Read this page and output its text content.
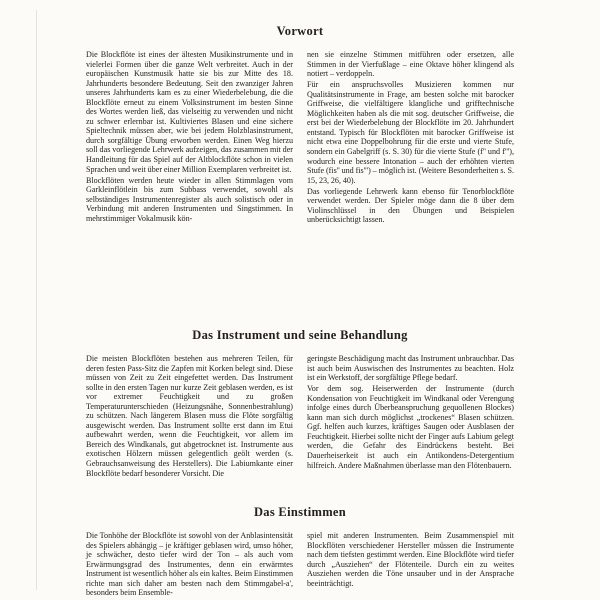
Vorwort

Die Blockflöte ist eines der ältesten Musikinstrumente und in vielerlei Formen über die ganze Welt verbreitet. Auch in der europäischen Kunstmusik hatte sie bis zur Mitte des 18. Jahrhunderts besondere Bedeutung. Seit den zwanziger Jahren unseres Jahrhunderts kam es zu einer Wiederbelebung, die die Blockflöte erneut zu einem Volksinstrument im besten Sinne des Wortes werden ließ, das vielseitig zu verwenden und nicht zu schwer erlernbar ist. Kultiviertes Blasen und eine sichere Spieltechnik müssen aber, wie bei jedem Holzblasinstrument, durch sorgfältige Übung erworben werden. Einen Weg hierzu soll das vorliegende Lehrwerk aufzeigen, das zusammen mit der Handleitung für das Spiel auf der Altblockflöte schon in vielen Sprachen und weit über einer Million Exemplaren verbreitet ist.

Blockflöten werden heute wieder in allen Stimmlagen vom Garkleinflötlein bis zum Subbass verwendet, sowohl als selbständiges Instrumentenregister als auch solistisch oder in Verbindung mit anderen Instrumenten und Singstimmen. In mehrstimmiger Vokalmusik kön-

nen sie einzelne Stimmen mitführen oder ersetzen, alle Stimmen in der Vierfußlage – eine Oktave höher klingend als notiert – verdoppeln.

Für ein anspruchsvolles Musizieren kommen nur Qualitätsinstrumente in Frage, am besten solche mit barocker Griffweise, die vielfältigere klangliche und grifftechnische Möglichkeiten haben als die mit sog. deutscher Griffweise, die erst bei der Wiederbelebung der Blockflöte im 20. Jahrhundert entstand. Typisch für Blockflöten mit barocker Griffweise ist nicht etwa eine Doppelbohrung für die erste und vierte Stufe, sondern ein Gabelgriff (s. S. 30) für die vierte Stufe (f'' und f'''), wodurch eine bessere Intonation – auch der erhöhten vierten Stufe (fis'' und fis''') – möglich ist. (Weitere Besonderheiten s. S. 15, 23, 26, 40).

Das vorliegende Lehrwerk kann ebenso für Tenorblockflöte verwendet werden. Der Spieler möge dann die 8 über dem Violinschlüssel in den Übungen und Beispielen unberücksichtigt lassen.

Das Instrument und seine Behandlung

Die meisten Blockflöten bestehen aus mehreren Teilen, für deren festen Pass-Sitz die Zapfen mit Korken belegt sind. Diese müssen von Zeit zu Zeit eingefettet werden. Das Instrument sollte in den ersten Tagen nur kurze Zeit geblasen werden, es ist vor extremer Feuchtigkeit und zu großen Temperaturunterschieden (Heizungsnähe, Sonnenbestrahlung) zu schützen. Nach längerem Blasen muss die Flöte sorgfältig ausgewischt werden. Das Instrument sollte erst dann im Etui aufbewahrt werden, wenn die Feuchtigkeit, vor allem im Bereich des Windkanals, gut abgetrocknet ist. Instrumente aus exotischen Hölzern müssen gelegentlich geölt werden (s. Gebrauchsanweisung des Herstellers). Die Labiumkante einer Blockflöte bedarf besonderer Vorsicht. Die

geringste Beschädigung macht das Instrument unbrauchbar. Das ist auch beim Auswischen des Instrumentes zu beachten. Holz ist ein Werkstoff, der sorgfältige Pflege bedarf.

Vor dem sog. Heiserwerden der Instrumente (durch Kondensation von Feuchtigkeit im Windkanal oder Verengung infolge eines durch Überbeanspruchung gequollenen Blockes) kann man sich durch möglichst „trockenes“ Blasen schützen. Ggf. helfen auch kurzes, kräftiges Saugen oder Ausblasen der Feuchtigkeit. Hierbei sollte nicht der Finger aufs Labium gelegt werden, die Gefahr des Eindrückens besteht. Bei Dauerheiserkeit ist auch ein Antikondens-Detergentium hilfreich. Andere Maßnahmen überlasse man den Flötenbauern.

Das Einstimmen

Die Tonhöhe der Blockflöte ist sowohl von der Anblasintensität des Spielers abhängig – je kräftiger geblasen wird, umso höher, je schwächer, desto tiefer wird der Ton – als auch vom Erwärmungsgrad des Instrumentes, denn ein erwärmtes Instrument ist wesentlich höher als ein kaltes. Beim Einstimmen richte man sich daher am besten nach dem Stimmgabel-a', besonders beim Ensemble-

spiel mit anderen Instrumenten. Beim Zusammenspiel mit Blockflöten verschiedener Hersteller müssen die Instrumente nach dem tiefsten gestimmt werden. Eine Blockflöte wird tiefer durch „Ausziehen“ der Flötenteile. Durch ein zu weites Ausziehen werden die Töne unsauber und in der Ansprache beeinträchtigt.
